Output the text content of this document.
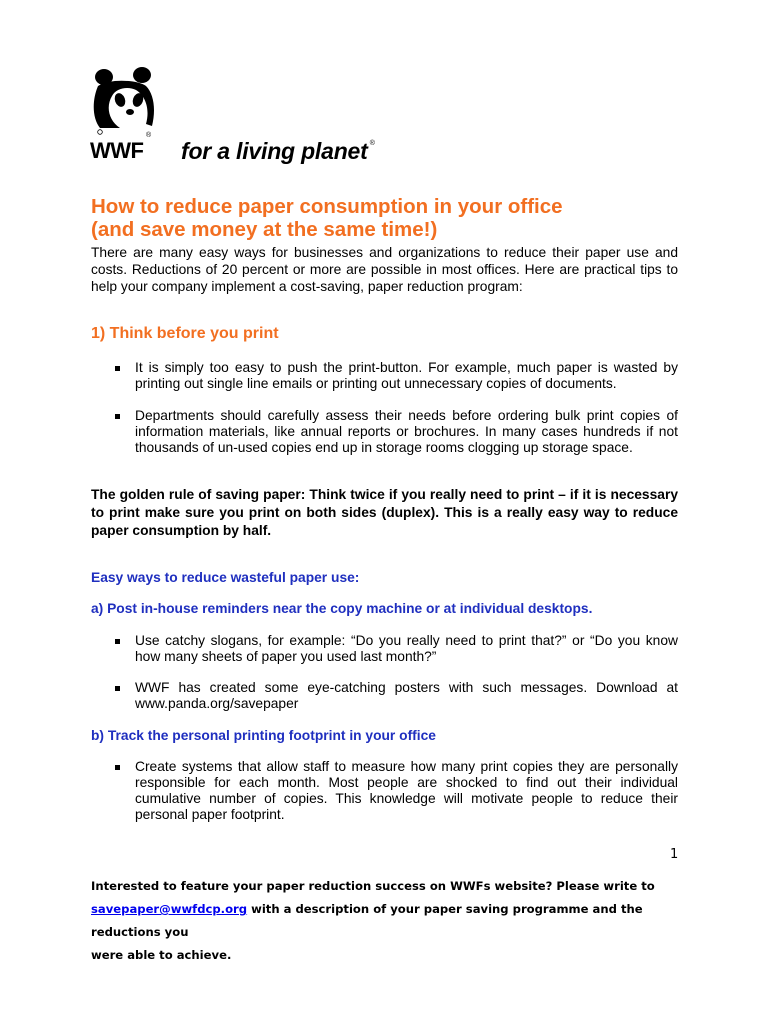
WWF
®
for a living planet ®
How to reduce paper consumption in your office
(and save money at the same time!)
There are many easy ways for businesses and organizations to reduce their paper use and costs. Reductions of 20 percent or more are possible in most offices. Here are practical tips to help your company implement a cost-saving, paper reduction program:
1) Think before you print
It is simply too easy to push the print-button. For example, much paper is wasted by printing out single line emails or printing out unnecessary copies of documents.
Departments should carefully assess their needs before ordering bulk print copies of information materials, like annual reports or brochures. In many cases hundreds if not thousands of un-used copies end up in storage rooms clogging up storage space.
The golden rule of saving paper: Think twice if you really need to print – if it is necessary to print make sure you print on both sides (duplex). This is a really easy way to reduce paper consumption by half.
Easy ways to reduce wasteful paper use:
a) Post in-house reminders near the copy machine or at individual desktops.
Use catchy slogans, for example: “Do you really need to print that?” or “Do you know how many sheets of paper you used last month?”
WWF has created some eye-catching posters with such messages. Download at www.panda.org/savepaper
b) Track the personal printing footprint in your office
Create systems that allow staff to measure how many print copies they are personally responsible for each month. Most people are shocked to find out their individual cumulative number of copies. This knowledge will motivate people to reduce their personal paper footprint.
1
Interested to feature your paper reduction success on WWFs website? Please write to
savepaper@wwfdcp.org with a description of your paper saving programme and the reductions you
were able to achieve.
